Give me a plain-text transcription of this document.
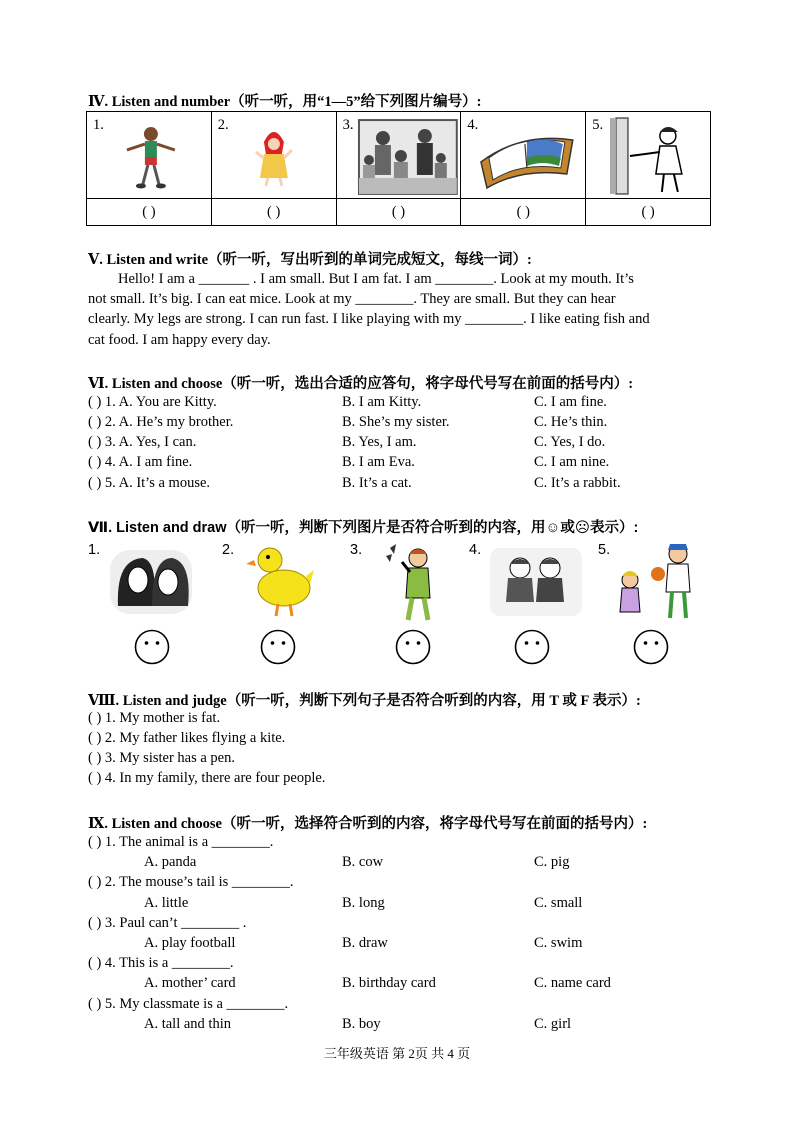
Ⅳ. Listen and number（听一听，用“1—5”给下列图片编号）:
1.	2.	3.	4.	5.

( )	( )	( )	( )	( )
Ⅴ. Listen and write（听一听，写出听到的单词完成短文，每线一词）:

Hello! I am a _______ . I am small. But I am fat. I am ________. Look at my mouth. It’s

not small. It’s big. I can eat mice. Look at my ________. They are small. But they can hear

clearly. My legs are strong. I can run fast. I like playing with my ________. I like eating fish and

cat food. I am happy every day.

Ⅵ. Listen and choose（听一听，选出合适的应答句，将字母代号写在前面的括号内）:
( ) 1. A. You are Kitty.	B. I am Kitty.	C. I am fine.
( ) 2. A. He’s my brother.	B. She’s my sister.	C. He’s thin.
( ) 3. A. Yes, I can.	B. Yes, I am.	C. Yes, I do.
( ) 4. A. I am fine.	B. I am Eva.	C. I am nine.
( ) 5. A. It’s a mouse.	B. It’s a cat.	C. It’s a rabbit.
Ⅶ. Listen and draw（听一听，判断下列图片是否符合听到的内容，用☺或☹表示）:
1.	2.	3.	4.	5.
Ⅷ. Listen and judge（听一听，判断下列句子是否符合听到的内容，用 T 或 F 表示）:
( ) 1. My mother is fat.
( ) 2. My father likes flying a kite.
( ) 3. My sister has a pen.
( ) 4. In my family, there are four people.
Ⅸ. Listen and choose（听一听，选择符合听到的内容，将字母代号写在前面的括号内）:
( ) 1. The animal is a ________.
A. panda	B. cow	C. pig
( ) 2. The mouse’s tail is ________.
A. little	B. long	C. small
( ) 3. Paul can’t ________ .
A. play football	B. draw	C. swim
( ) 4. This is a ________.
A. mother’ card	B. birthday card	C. name card
( ) 5. My classmate is a ________.
A. tall and thin	B. boy	C. girl
三年级英语 第 2页 共 4 页
